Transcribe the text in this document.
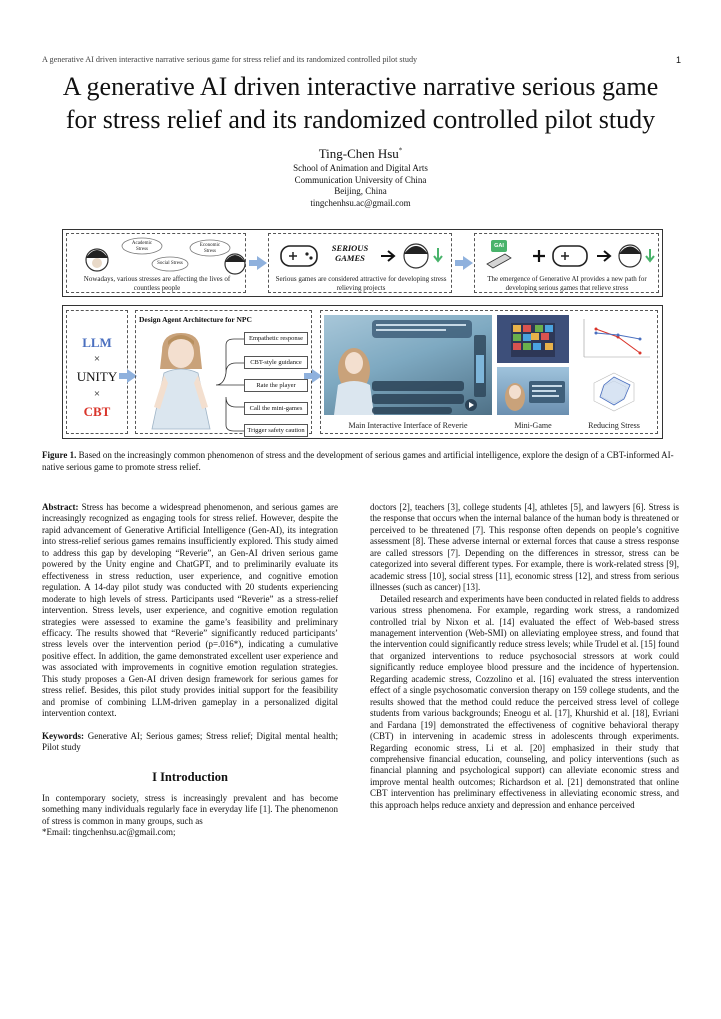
A generative AI driven interactive narrative serious game for stress relief and its randomized controlled pilot study	1
A generative AI driven interactive narrative serious game
for stress relief and its randomized controlled pilot study
Ting-Chen Hsu*
School of Animation and Digital Arts
Communication University of China
Beijing, China
tingchenhsu.ac@gmail.com
Academic Stress
Social Stress
Economic Stress
Nowadays, various stresses are affecting the lives of countless people
SERIOUS GAMES
Serious games are considered attractive for developing stress relieving projects
GAI
The emergence of Generative AI provides a new path for developing serious games that relieve stress
LLM
×
UNITY
×
CBT
Design Agent Architecture for NPC
Empathetic response
CBT-style guidance
Rate the player
Call the mini-games
Trigger safety caution
Main Interactive Interface of Reverie	Mini-Game	Reducing Stress
Figure 1. Based on the increasingly common phenomenon of stress and the development of serious games and artificial intelligence, explore the design of a CBT-informed AI-native serious game to promote stress relief.

Abstract: Stress has become a widespread phenomenon, and serious games are increasingly recognized as engaging tools for stress relief. However, despite the rapid advancement of Generative Artificial Intelligence (Gen-AI), its integration into stress-relief serious games remains insufficiently explored. This study aimed to address this gap by developing “Reverie”, an Gen-AI driven serious game powered by the Unity engine and ChatGPT, and to preliminarily evaluate its effectiveness in stress reduction, user experience, and cognitive emotion regulation. A 14-day pilot study was conducted with 20 students experiencing moderate to high levels of stress. Participants used “Reverie” as a stress-relief intervention. Stress levels, user experience, and cognitive emotion regulation strategies were assessed to examine the game’s feasibility and preliminary efficacy. The results showed that “Reverie” significantly reduced participants’ stress levels over the intervention period (p=.016*), indicating a cumulative positive effect. In addition, the game demonstrated excellent user experience and was associated with improvements in cognitive emotion regulation strategies. This study proposes a Gen-AI driven design framework for serious games for stress relief. Besides, this pilot study provides initial support for the feasibility and promise of combining LLM-driven gameplay in a personalized digital intervention context.

Keywords: Generative AI; Serious games; Stress relief; Digital mental health; Pilot study

I Introduction

In contemporary society, stress is increasingly prevalent and has become something many individuals regularly face in everyday life [1]. The phenomenon of stress is common in many groups, such as

*Email: tingchenhsu.ac@gmail.com;

doctors [2], teachers [3], college students [4], athletes [5], and lawyers [6]. Stress is the response that occurs when the internal balance of the human body is threatened or perceived to be threatened [7]. This response often depends on people’s cognitive assessment [8]. These adverse internal or external forces that cause a stress response are called stressors [7]. Depending on the differences in stressor, stress can be categorized into several different types. For example, there is work-related stress [9], academic stress [10], social stress [11], economic stress [12], and stress from serious illnesses (such as cancer) [13].

Detailed research and experiments have been conducted in related fields to address various stress phenomena. For example, regarding work stress, a randomized controlled trial by Nixon et al. [14] evaluated the effect of Web-based stress management intervention (Web-SMI) on alleviating employee stress, and found that the intervention could significantly reduce stress levels; while Trudel et al. [15] found that organized interventions to reduce psychosocial stressors at work could significantly reduce employee blood pressure and the incidence of hypertension. Regarding academic stress, Cozzolino et al. [16] evaluated the stress intervention effect of a single psychosomatic conversion therapy on 159 college students, and the results showed that the method could reduce the perceived stress level of college students from various backgrounds; Eneogu et al. [17], Khurshid et al. [18], Evriani and Fardana [19] demonstrated the effectiveness of cognitive behavioral therapy (CBT) in intervening in academic stress in adolescents through experiments. Regarding economic stress, Li et al. [20] emphasized in their study that comprehensive financial education, counseling, and policy interventions (such as financial planning and psychological support) can alleviate economic stress and improve mental health outcomes; Richardson et al. [21] demonstrated that online CBT intervention has preliminary effectiveness in alleviating economic stress, and this approach helps reduce anxiety and depression and enhance perceived
